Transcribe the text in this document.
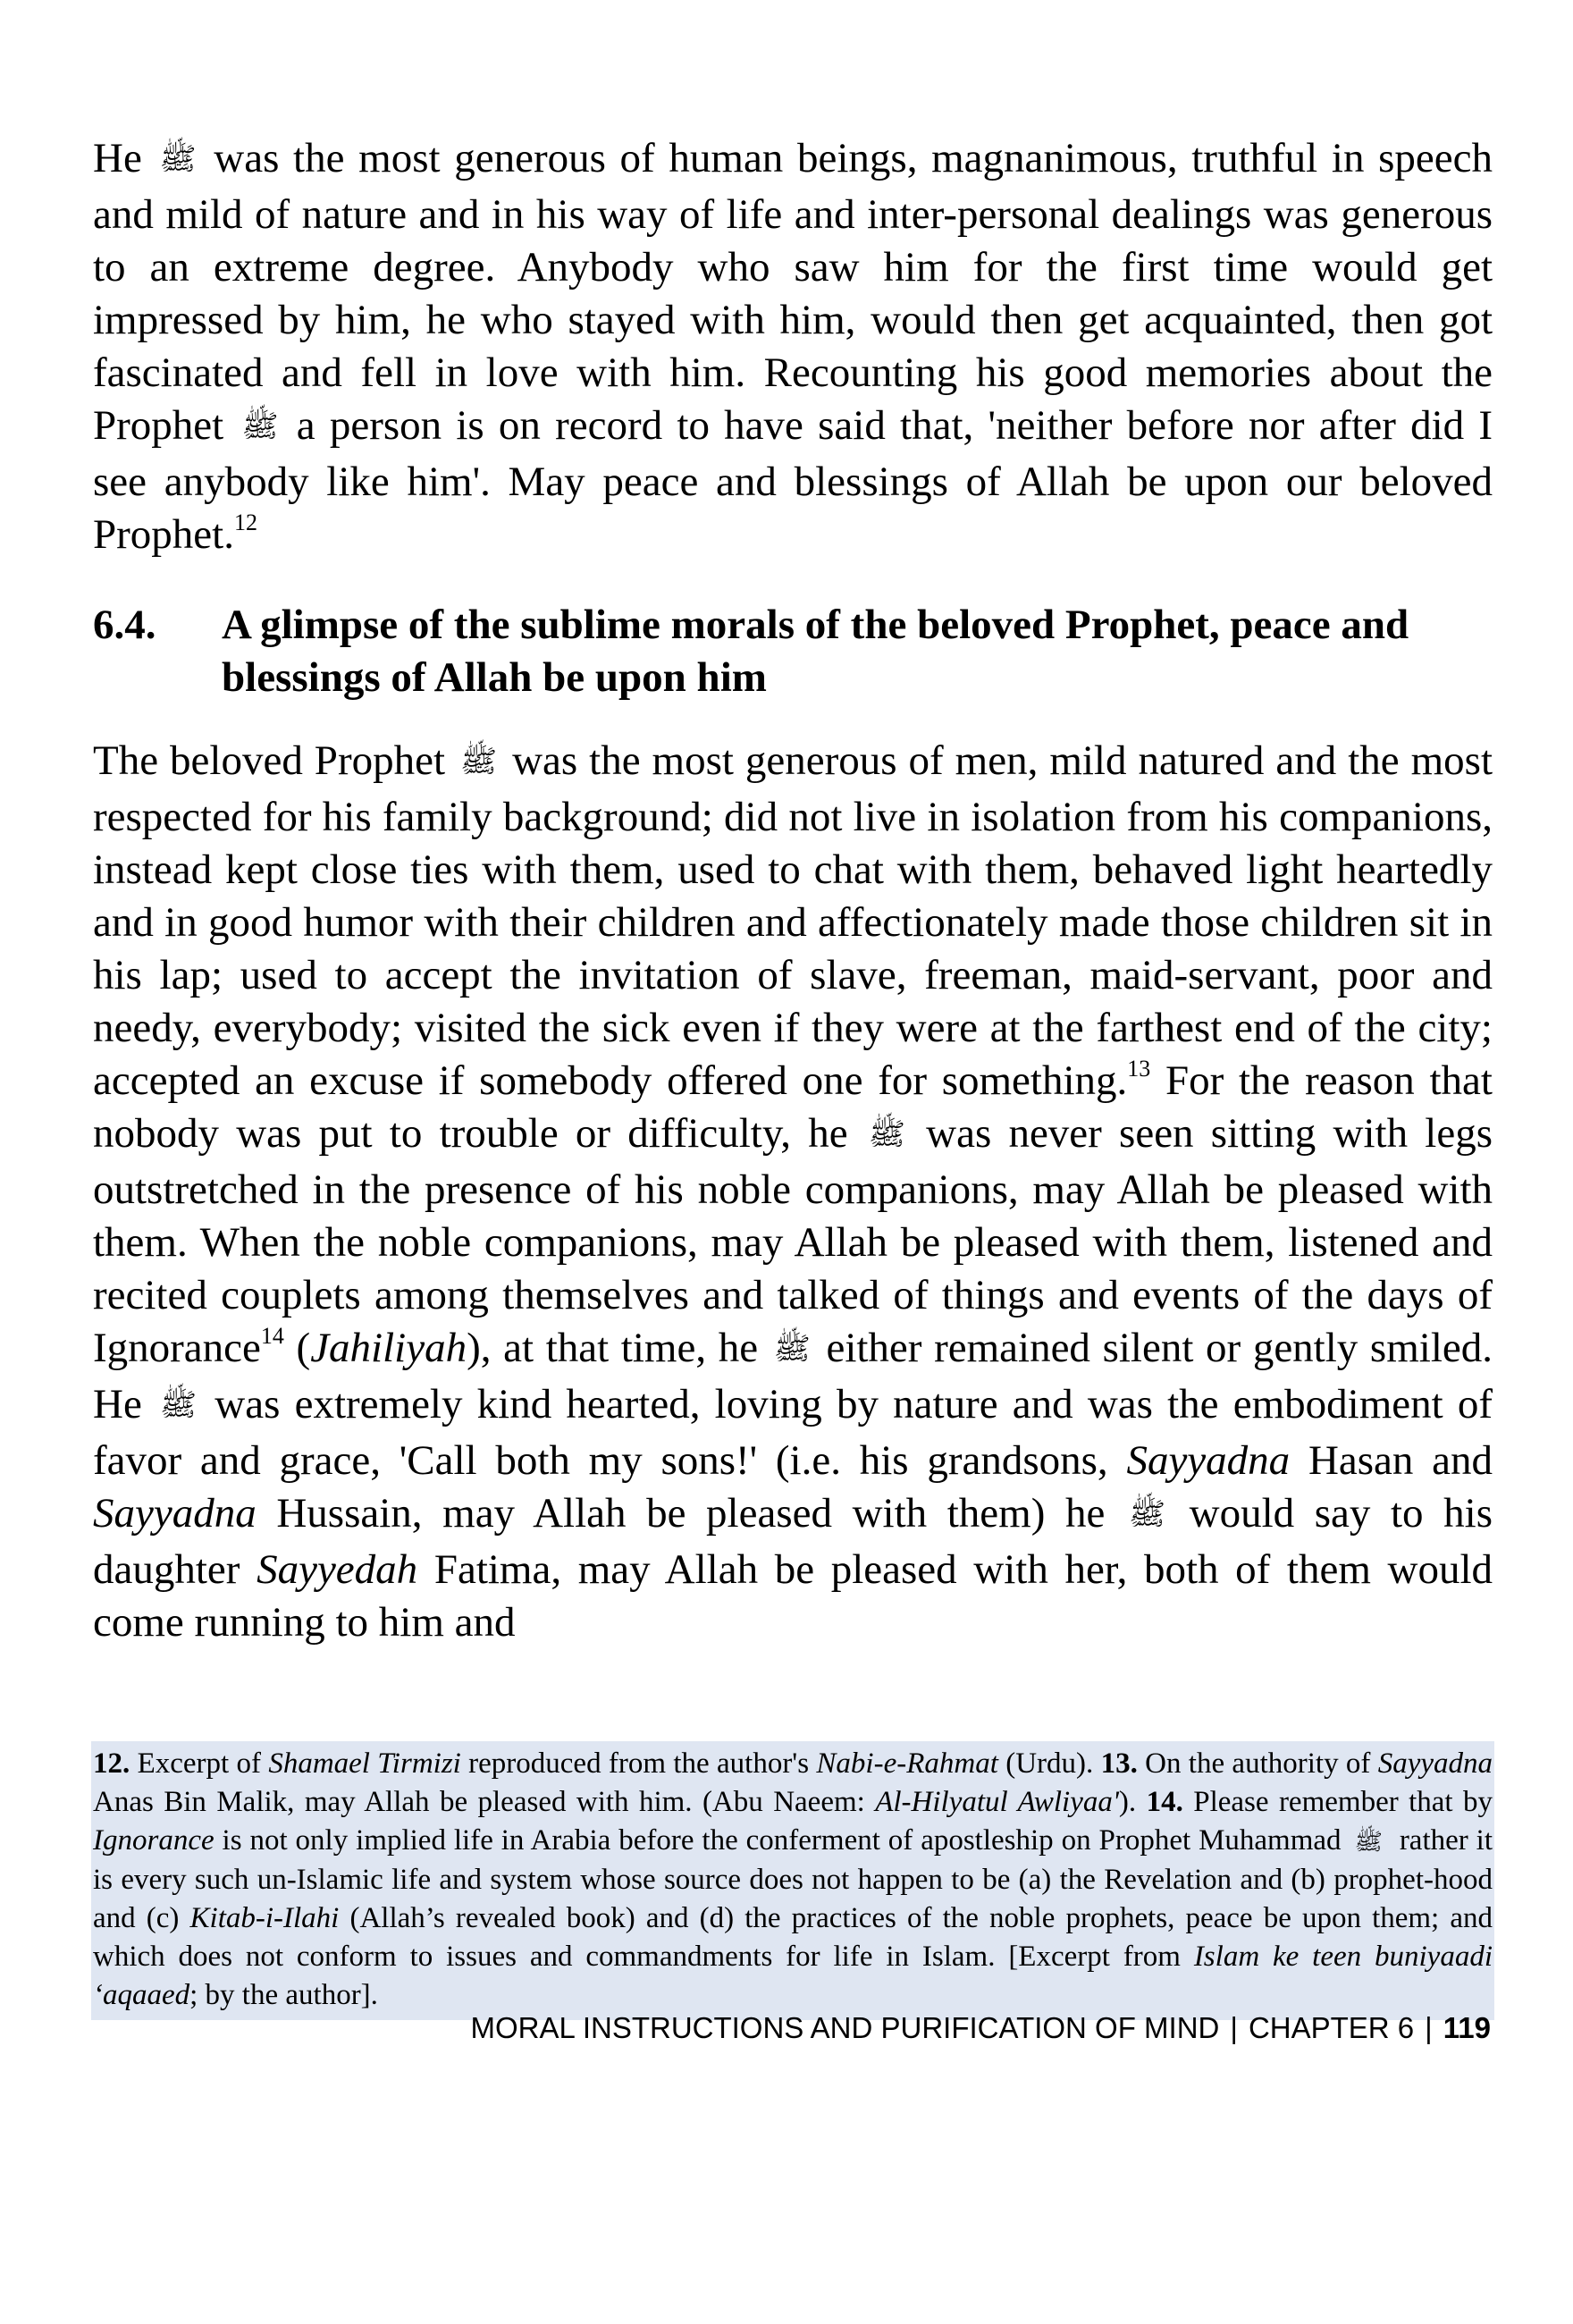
He ﷺ was the most generous of human beings, magnanimous, truthful in speech and mild of nature and in his way of life and inter-personal dealings was generous to an extreme degree. Anybody who saw him for the first time would get impressed by him, he who stayed with him, would then get acquainted, then got fascinated and fell in love with him. Recounting his good memories about the Prophet ﷺ a person is on record to have said that, 'neither before nor after did I see anybody like him'. May peace and blessings of Allah be upon our beloved Prophet.$^{12}$

6.4.	A glimpse of the sublime morals of the beloved Prophet, peace and blessings of Allah be upon him

The beloved Prophet ﷺ was the most generous of men, mild natured and the most respected for his family background; did not live in isolation from his companions, instead kept close ties with them, used to chat with them, behaved light heartedly and in good humor with their children and affectionately made those children sit in his lap; used to accept the invitation of slave, freeman, maid-servant, poor and needy, everybody; visited the sick even if they were at the farthest end of the city; accepted an excuse if somebody offered one for something.$^{13}$ For the reason that nobody was put to trouble or difficulty, he ﷺ was never seen sitting with legs outstretched in the presence of his noble companions, may Allah be pleased with them. When the noble companions, may Allah be pleased with them, listened and recited couplets among themselves and talked of things and events of the days of Ignorance$^{14}$ (Jahiliyah), at that time, he ﷺ either remained silent or gently smiled. He ﷺ was extremely kind hearted, loving by nature and was the embodiment of favor and grace, 'Call both my sons!' (i.e. his grandsons, Sayyadna Hasan and Sayyadna Hussain, may Allah be pleased with them) he ﷺ would say to his daughter Sayyedah Fatima, may Allah be pleased with her, both of them would come running to him and

12. Excerpt of Shamael Tirmizi reproduced from the author's Nabi-e-Rahmat (Urdu). 13. On the authority of Sayyadna Anas Bin Malik, may Allah be pleased with him. (Abu Naeem: Al-Hilyatul Awliyaa'). 14. Please remember that by Ignorance is not only implied life in Arabia before the conferment of apostleship on Prophet Muhammad ﷺ rather it is every such un-Islamic life and system whose source does not happen to be (a) the Revelation and (b) prophet-hood and (c) Kitab-i-Ilahi (Allah’s revealed book) and (d) the practices of the noble prophets, peace be upon them; and which does not conform to issues and commandments for life in Islam. [Excerpt from Islam ke teen buniyaadi ‘aqaaed; by the author].
MORAL INSTRUCTIONS AND PURIFICATION OF MIND | CHAPTER 6 | 119
